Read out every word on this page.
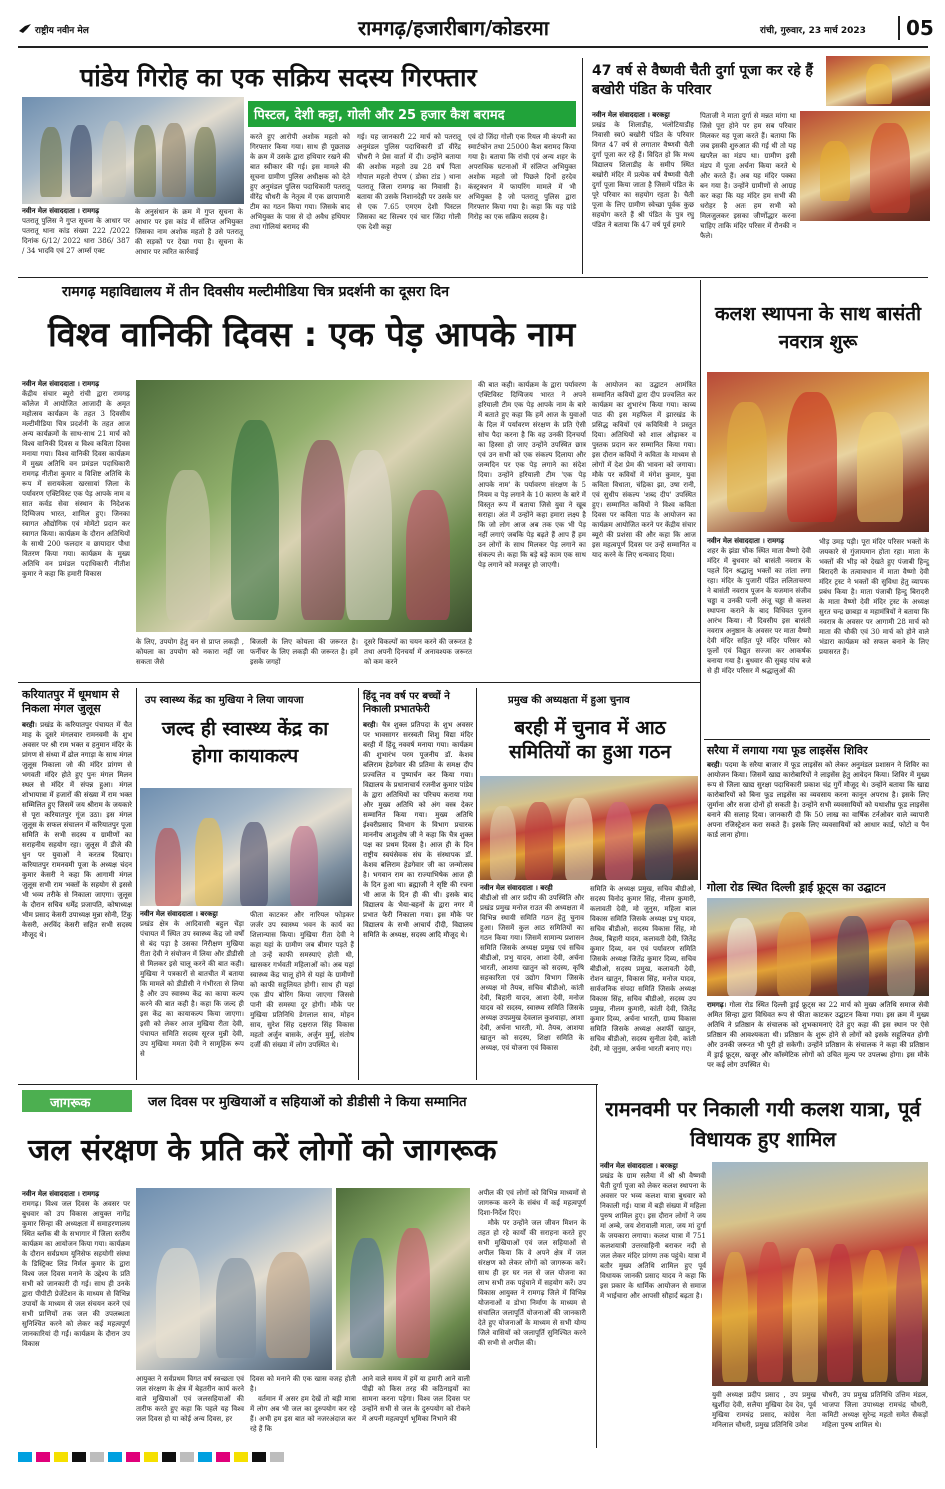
राष्ट्रीय नवीन मेल	रामगढ़/हजारीबाग/कोडरमा	रांची, गुरुवार, 23 मार्च 2023	05
पांडेय गिरोह का एक सक्रिय सदस्य गिरफ्तार
पिस्टल, देशी कट्टा, गोली और 25 हजार कैश बरामद
नवीन मेल संवाददाता । रामगढ़
पतरातू पुलिस ने गुप्त सूचना के आधार पर पतरातू थाना कांड संख्या 222 /2022 दिनांक 6/12/ 2022 धारा 386/ 387 / 34 भादवि एवं 27 आर्म्स एक्ट
के अनुसंधान के क्रम में गुप्त सूचना के आधार पर इस कांड में संलिप्त अभियुक्त जिसका नाम अशोक महतो है उसे पतरातू की सड़कों पर देखा गया है। सूचना के आधार पर त्वरित कार्रवाई
करते हुए आरोपी अशोक महतो को गिरफ्तार किया गया। साथ ही पूछताछ के क्रम में उसके द्वारा हथियार रखने की बात स्वीकार की गई। इस मामले की सूचना ग्रामीण पुलिस अधीक्षक को देते हुए अनुमंडल पुलिस पदाधिकारी पतरातू वीरेंद्र चौधरी के नेतृत्व में एक छापामारी टीम का गठन किया गया। जिसके बाद अभियुक्त के पास से दो अवैध हथियार तथा गोलियां बरामद की
गई। यह जानकारी 22 मार्च को पतरातू अनुमंडल पुलिस पदाधिकारी डॉ वीरेंद्र चौधरी ने प्रेस वार्ता में दी। उन्होंने बताया की अशोक महतो उम्र 28 वर्ष पिता गोपाल महतो रोपण ( डोका टांड ) थाना पतरातू जिला रामगढ़ का निवासी है। बताया की उसके निशानदेही पर उसके घर से एक 7.65 एमएम देशी पिस्टल जिसका बट सिल्वर एवं चार जिंदा गोली एक देशी कट्टा
एवं दो जिंदा गोली एक रियल मी कंपनी का स्मार्टफोन तथा 25000 कैश बरामद किया गया है। बताया कि रांची एवं अन्य शहर के अपराधिक घटनाओं में संलिप्त अभियुक्त अशोक महतो जो पिछले दिनों हरदेव कंस्ट्रक्शन में फायरिंग मामले में भी अभियुक्त है जो पतरातू पुलिस द्वारा गिरफ्तार किया गया है। कहा कि यह पांडे गिरोह का एक सक्रिय सदस्य है।
47 वर्ष से वैष्णवी चैती दुर्गा पूजा कर रहे हैं बखोरी पंडित के परिवार
नवीन मेल संवाददाता । बरकट्ठा
प्रखंड के शिलाडीह, भलोटियाडीह निवासी स्व0 बखोरी पंडित के परिवार विगत 47 वर्ष से लगातार वैष्णवी चैती दुर्गा पूजा कर रहे हैं। विदित हो कि मध्य विद्यालय शिलाडीह के समीप स्थित बखोरी मंदिर में प्रत्येक वर्ष वैष्णवी चैती दुर्गा पूजा किया जाता है जिसमें पंडित के पूरे परिवार का सहयोग रहता है। चैती पूजा के लिए ग्रामीण स्वेच्छा पूर्वक कुछ सहयोग करते हैं श्री पंडित के पुत्र रघु पंडित ने बताया कि 47 वर्ष पूर्व हमारे
पिताजी ने माता दुर्गा से मन्नत मांगा था जिसे पूरा होने पर हम सब परिवार मिलकर यह पूजा करते हैं। बताया कि जब इसकी शुरुआत की गई थी तो यह खपरैल का मंडप था। ग्रामीण इसी मंडप में पूजा अर्चना किया करते थे और करते हैं। अब यह मंदिर पक्का बन गया है। उन्होंने ग्रामीणों से आग्रह कर कहा कि यह मंदिर हम सभी की धरोहर है अतः हम सभी को मिलजुलकर इसका जीर्णोद्धार करना चाहिए ताकि मंदिर परिसर में रौनकी न फैले।
रामगढ़ महाविद्यालय में तीन दिवसीय मल्टीमीडिया चित्र प्रदर्शनी का दूसरा दिन
विश्व वानिकी दिवस : एक पेड़ आपके नाम
नवीन मेल संवाददाता । रामगढ़
केंद्रीय संचार ब्यूरो रांची द्वारा रामगढ़ कॉलेज में आयोजित आजादी के अमृत महोत्सव कार्यक्रम के तहत 3 दिवसीय मल्टीमीडिया चित्र प्रदर्शनी के तहत आज अन्य कार्यक्रमों के साथ-साथ 21 मार्च को विश्व वानिकी दिवस व विश्व कविता दिवस मनाया गया। विश्व वानिकी दिवस कार्यक्रम में मुख्य अतिथि वन प्रमंडल पदाधिकारी रामगढ़ नीतीश कुमार व विशिष्ट अतिथि के रूप में सरायकेला खरसावां जिला के पर्यावरण एक्टिविस्ट एक पेड़ आपके नाम व सात कर्वड सेवा संस्थान के निदेशक दिग्विजय भारत, शामिल हुए। जिनका स्वागत औद्योगिक एवं मोमेंटो प्रदान कर स्वागत किया। कार्यक्रम के दौरान अतिथियों के साथी 200 फलदार व छायादार पौधा वितरण किया गया। कार्यक्रम के मुख्य अतिथि वन प्रमंडल पदाधिकारी नीतीश कुमार ने कहा कि हमारी विकास
के लिए, उपयोग हेतु वन से प्राप्त लकड़ी , कोयला का उपयोग को नकारा नहीं जा सकता जैसे
बिजली के लिए कोयला की जरूरत है। फर्नीचर के लिए लकड़ी की जरूरत है। हमें इसके जगहों
दूसरे विकल्पों का चयन करने की जरूरत है तथा अपनी दिनचर्या में अनावश्यक जरूरत को कम करने
की बात कही। कार्यक्रम के द्वारा पर्यावरण एक्टिविस्ट दिग्विजय भारत ने अपने हरियाली टीम एक पेड़ आपके नाम के बारे में बताते हुए कहा कि हमें आज के युवाओं के दिल में पर्यावरण संरक्षण के प्रति ऐसी सोच पैदा करना है कि वह उनकी दिनचर्या का हिस्सा हो जाए उन्होंने उपस्थित छात्र एवं उन सभी को एक संकल्प दिलाया और जन्मदिन पर एक पेड़ लगाने का संदेश दिया। उन्होंने हरियाली टीम 'एक पेड़ आपके नाम' के पर्यावरण संरक्षण के 5 नियम व पेड़ लगाने के 10 कारण के बारे में विस्तृत रूप में बताया जिसे युवा ने खूब सराहा। अंत में उन्होंने कहा हमारा लक्ष्य है कि जो लोग आज अब तक एक भी पेड़ नहीं लगाएं जबकि पेड़ बढ़ते हैं आप हैं हम उन लोगों के साथ मिलकर पेड़ लगाने का संकल्प ले। कहा कि बड़े बड़े काम एक साथ पेड़ लगाने को मजबूर हो जाएगी।
के आयोजन का उद्घाटन आमंत्रित सम्मानित कवियों द्वारा दीप प्रज्वलित कर कार्यक्रम का शुभारंभ किया गया। काव्य पाठ की इस महफिल में झारखंड के प्रसिद्ध कवियों एवं कवियित्री ने प्रस्तुत दिया। अतिथियों को शाल ओढ़ाकर व पुस्तक प्रदान कर सम्मानित किया गया। इस दौरान कवियों ने कविता के माध्यम से लोगों में देश प्रेम की भावना को जगाया। मौके पर कवियों में मंगेश कुमार, युवा कविता विधाता, चंद्रिका झा, उषा रानी, एवं सुधीप संकल्प 'शब्द दीप' उपस्थित हुए। सम्मानित कवियों ने विश्व कविता दिवस पर कविता पाठ के आयोजन का कार्यक्रम आयोजित करने पर केंद्रीय संचार ब्यूरो की प्रशंसा की और कहा कि आज इस महत्वपूर्ण दिवस पर उन्हें सम्मानित व याद करने के लिए धन्यवाद दिया।
कलश स्थापना के साथ बासंती नवरात्र शुरू
नवीन मेल संवाददाता । रामगढ़
शहर के झंडा चौक स्थित माता वैष्णो देवी मंदिर में बुधवार को बासंती नवरात्र के पहले दिन श्रद्धालु भक्तों का तांता लगा रहा। मंदिर के पुजारी पंडित ललिताचरण ने बासंती नवरात्र पूजन के यजमान संजीव चड्ढा व उनकी पत्नी अंजू चड्ढा से कलश स्थापना कराने के बाद विधिवत पूजन आरंभ किया। नौ दिवसीय इस बासंती नवरात्र अनुष्ठान के अवसर पर माता वैष्णो देवी मंदिर सहित पूरे मंदिर परिसर को फूलों एवं विद्युत सज्जा कर आकर्षक बनाया गया है। बुधवार की सुबह पांच बजे से ही मंदिर परिसर में श्रद्धालुओं की
भीड़ उमड़ पड़ी। पूरा मंदिर परिसर भक्तों के जयकारे से गुंजायमान होता रहा। माता के भक्तों की भीड़ को देखते हुए पंजाबी हिन्दु बिरादरी के तत्वावधान में माता वैष्णो देवी मंदिर ट्रस्ट ने भक्तों की सुविधा हेतु व्यापक प्रबंध किया है। माता पंजाबी हिन्दु बिरादरी के माता वैष्णो देवी मंदिर ट्रस्ट के अध्यक्ष सुरत चन्द्र छाबड़ा व महामंत्रियों ने बताया कि नवरात्र के अवसर पर आगामी 28 मार्च को माता की चौकी एवं 30 मार्च को होने वाले भंडारा कार्यक्रम को सफल बनाने के लिए प्रयासरत हैं।
सरैया में लगाया गया फूड लाइसेंस शिविर
बरही। पदमा के सरैया बाजार में फूड लाइसेंस को लेकर अनुमंडल प्रशासन ने शिविर का आयोजन किया। जिसमें खाद्य कारोबारियों ने लाइसेंस हेतु आवेदन किया। शिविर में मुख्य रूप से जिला खाद्य सुरक्षा पदाधिकारी प्रकाश चंद्र गुर्गे मौजूद थे। उन्होंने बताया कि खाद्य कारोबारियों को बिना फूड लाइसेंस का व्यवसाय करना कानून अपराध है। इसके लिए जुर्माना और सजा दोनों हो सकती है। उन्होंने सभी व्यवसायियों को यथाशीघ्र फूड लाइसेंस बनाने की सलाह दिया। जानकारी दी कि 50 लाख का वार्षिक टर्नओवर वाले व्यापारी अपना रजिस्ट्रेशन करा सकते हैं। इसके लिए व्यवसायियों को आधार कार्ड, फोटो व पैन कार्ड लाना होगा।
गोला रोड स्थित दिल्ली ड्राई फ्रूट्स का उद्घाटन
रामगढ़। गोला रोड स्थित दिल्ली ड्राई फ्रूट्स का 22 मार्च को मुख्य अतिथि समाज सेवी अमित सिन्हा द्वारा विधिवत रूप से फीता काटकर उद्घाटन किया गया। इस क्रम में मुख्य अतिथि ने प्रतिष्ठान के संचालक को शुभकामनाएं देते हुए कहा की इस स्थान पर ऐसे प्रतिष्ठान की आवश्यकता थी। प्रतिष्ठान के शुरू होने से लोगों को इसके सहूलियत होगी और उनकी जरूरत भी पूरी हो सकेगी। उन्होंने प्रतिष्ठान के संचालक ने कहा की प्रतिष्ठान में ड्राई फ्रूट्स, खजूर और कॉस्मेटिक लोगों को उचित मूल्य पर उपलब्ध होगा। इस मौके पर कई लोग उपस्थित थे।
करियातपुर में धूमधाम से निकला मंगल जुलूस
बरही। प्रखंड के करियातपुर पंचायत में चैत माह के दूसरे मंगलवार रामनवमी के शुभ अवसर पर श्री राम भक्त व हनुमान मंदिर के प्रांगण से संध्या में ढोल नगाड़ा के साथ मंगल जुलूस निकाला जो की मंदिर प्रांगण से भगवती मंदिर होते हुए पुनः मंगल मिलन स्थल से मंदिर में संपन्न हुआ। मंगल शोभायात्रा में हजारों की संख्या में राम भक्त सम्मिलित हुए जिसमें जय श्रीराम के जयकारे से पूरा करियातपुर गूंज उठा। इस मंगल जुलूस के सफल संचालन में करियातपुर पूजा समिति के सभी सदस्य व ग्रामीणों का सराहनीय सहयोग रहा। जुलूस में डीजे की धुन पर युवाओं ने करतब दिखाए। करियातपुर रामनवमी पूजा के अध्यक्ष चंदन कुमार केसरी ने कहा कि आगामी मंगल जुलूस सभी राम भक्तों के सहयोग से इससे भी भव्य तरीके से निकाला जाएगा। जुलूस के दौरान सचिव धर्मेंद्र प्रजापति, कोषाध्यक्ष भीम प्रसाद केसरी उपाध्यक्ष मुन्ना सोनी, टिंकु केसरी, अरविंद केसरी सहित सभी सदस्य मौजूद थे।
उप स्वास्थ्य केंद्र का मुखिया ने लिया जायजा
जल्द ही स्वास्थ्य केंद्र का होगा कायाकल्प
नवीन मेल संवाददाता । बरकट्ठा
प्रखंड क्षेत्र के आदिवासी बहुल चेंड़ा पंचायत में स्थित उप स्वास्थ्य केंद्र जो वर्षों से बंद पड़ा है उसका निरीक्षण मुखिया रीता देवी ने संयोजन में लिया और डीडीसी से मिलकर इसे चालू करने की बात कही। मुखिया ने पत्रकारों से बातचीत में बताया कि मामले को डीडीसी ने गंभीरता से लिया है और उप स्वास्थ्य केंद्र का काया कल्प करने की बात कही है। कहा कि जल्द ही इस केंद्र का कायाकल्प किया जाएगा। इसी को लेकर आज मुखिया रीता देवी, पंचायत समिति सदस्य सूरज मुन्नी देवी, उप मुखिया ममता देवी ने सामूहिक रूप से
फीता काटकर और नारियल फोड़कर जर्जर उप स्वास्थ्य भवन के कार्य का शिलान्यास किया। मुखिया रीता देवी ने कहा यहां के ग्रामीण जब बीमार पड़ते हैं तो उन्हें काफी समस्याएं होती थी, खासकर गर्भवती महिलाओं को। अब यहां स्वास्थ्य केंद्र चालू होने से यहां के ग्रामीणों को काफी सहूलियत होगी। साथ ही यहां एक डीप बोरिंग किया जाएगा जिससे पानी की समस्या दूर होगी। मौके पर मुखिया प्रतिनिधि डेगलाल साव, मोहन साव, सुरेश सिंह दक्षराज सिंह विकास महतो अर्जुन बासके, अर्जुन मुर्मू, संतोष दर्जी की संख्या में लोग उपस्थित थे।
हिंदू नव वर्ष पर बच्चों ने निकाली प्रभातफेरी
बरही। चैत्र शुक्ल प्रतिपदा के शुभ अवसर पर भावसागर सरस्वती शिशु विद्या मंदिर बरही में हिंदू नववर्ष मनाया गया। कार्यक्रम की शुभारंभ परम पूजनीय डॉ. केशव बलिराम हेडगेवार की प्रतिमा के समक्ष दीप प्रज्वलित व पुष्पार्चन कर किया गया। विद्यालय के प्रधानाचार्य रजनीश कुमार पांडेय के द्वारा अतिथियों का परिचय कराया गया और मुख्य अतिथि को अंग वस्त्र देकर सम्मानित किया गया। मुख्य अतिथि ईश्वरीप्रसाद विभाग के विभाग प्रचारक माननीय आशुतोष जी ने कहा कि चैत्र शुक्ल पक्ष का प्रथम दिवस है। आज ही के दिन राष्ट्रीय स्वयंसेवक संघ के संस्थापक डॉ. केशव बलिराम हेडगेवार जी का जन्मोत्सव है। भगवान राम का राज्याभिषेक आज ही के दिन हुआ था। ब्रह्माजी ने सृष्टि की रचना भी आज के दिन ही की थी। इसके बाद विद्यालय के भैया-बहनों के द्वारा नगर में प्रभात फेरी निकाला गया। इस मौके पर विद्यालय के सभी आचार्य दीदी, विद्यालय समिति के अध्यक्ष, सदस्य आदि मौजूद थे।
प्रमुख की अध्यक्षता में हुआ चुनाव
बरही में चुनाव में आठ समितियों का हुआ गठन
नवीन मेल संवाददाता । बरही
बीडीओ सी आर प्रदीप की उपस्थिति और प्रखंड प्रमुख मनोज राउत की अध्यक्षता में विभिन्न स्थायी समिति गठन हेतु चुनाव हुआ। जिसमें कुल आठ समितियों का गठन किया गया। जिसमें सामान्य प्रशासन समिति जिसके अध्यक्ष प्रमुख एवं सचिव बीडीओ, प्रभु यादव, आशा देवी, अर्चना भारती, आशया खातुन को सदस्य, कृषि सहकारिता एवं उद्योग विभाग जिसके अध्यक्ष मो तैयब, सचिव बीडीओ, कांती देवी, बिहारी यादव, आशा देवी, मनोज यादव को सदस्य, स्वास्थ्य समिति जिसके अध्यक्ष उपप्रमुख देवलाल कुशवाहा, आशा देवी, अर्चना भारती, मो. तैयब, आशया खातुन को सदस्य, शिक्षा समिति के अध्यक्ष, एवं योजना एवं विकास
समिति के अध्यक्ष प्रमुख, सचिव बीडीओ, सदस्य विनोद कुमार सिंह, नीलम कुमारी, कलावती देवी, मो जुनुस, महिला बाल विकास समिति जिसके अध्यक्ष प्रभु यादव, सचिव बीडीओ, सदस्य विकास सिंह, मो तैयब, बिहारी यादव, कलावती देवी, जितेंद्र कुमार दिव्य, वन एवं पर्यावरण समिति जिसके अध्यक्ष जितेंद्र कुमार दिव्य, सचिव बीडीओ, सदस्य प्रमुख, कलावती देवी, रोशन खातुन, विकास सिंह, मनोज यादव, सार्वजनिक संपदा समिति जिसके अध्यक्ष विकास सिंह, सचिव बीडीओ, सदस्य उप प्रमुख, नीलम कुमारी, कांती देवी, जितेंद्र कुमार दिव्य, अर्चना भारती, ग्राम्य विकास समिति जिसके अध्यक्ष अशर्फी खातुन, सचिव बीडीओ, सदस्य सुनीता देवी, कांती देवी, मो जुनुस, अर्चना भारती बनाए गए।
जागरूक	जल दिवस पर मुखियाओं व सहियाओं को डीडीसी ने किया सम्मानित
जल संरक्षण के प्रति करें लोगों को जागरूक
नवीन मेल संवाददाता । रामगढ़
रामगढ़। विश्व जल दिवस के अवसर पर बुधवार को उप विकास आयुक्त नागेंद्र कुमार सिन्हा की अध्यक्षता में समाहरणालय स्थित ब्लॉक बी के सभागार में जिला स्तरीय कार्यक्रम का आयोजन किया गया। कार्यक्रम के दौरान सर्वप्रथम यूनिसेफ सहयोगी संस्था के डिस्ट्रिक्ट लिड निर्मल कुमार के द्वारा विश्व जल दिवस मनाने के उद्देश्य के प्रति सभी को जानकारी दी गई। साथ ही उनके द्वारा पीपीटी प्रेजेंटेशन के माध्यम से विभिन्न उपायों के माध्यम से जल संचयन करने एवं सभी प्राणियों तक जल की उपलब्धता सुनिश्चित करने को लेकर कई महत्वपूर्ण जानकारियां दी गईं। कार्यक्रम के दौरान उप विकास
आयुक्त ने सर्वप्रथम विगत वर्ष स्वच्छता एवं जल संरक्षण के क्षेत्र में बेहतरीन कार्य करने वाले मुखियाओं एवं जलसहियाओं की तारीफ करते हुए कहा कि पहले यह विश्व जल दिवस हो या कोई अन्य दिवस, हर
दिवस को मनाने की एक खास वजह होती है।
वर्तमान में असर हम देखें तो बड़ी मात्रा में लोग अब भी जल का दुरुपयोग कर रहे हैं। अभी हम इस बात को नजरअंदाज कर रहे हैं कि
आने वाले समय में हमें या हमारी आने वाली पीढ़ी को किस तरह की कठिनाइयों का सामना करना पड़ेगा। विश्व जल दिवस पर उन्होंने सभी से जल के दुरुपयोग को रोकने में अपनी महत्वपूर्ण भूमिका निभाने की
अपील की एवं लोगों को विभिन्न माध्यमों से जागरूक करने के संबंध में कई महत्वपूर्ण दिशा-निर्देश दिए।
मौके पर उन्होंने जल जीवन मिशन के तहत हो रहे कार्यों की सराहना करते हुए सभी मुखियाओं एवं जल सहियाओं से अपील किया कि वे अपने क्षेत्र में जल संरक्षण को लेकर लोगों को जागरूक करें। साथ ही हर घर नल से जल योजना का लाभ सभी तक पहुंचाने में सहयोग करें। उप विकास आयुक्त ने रामगढ़ जिले में विभिन्न योजनाओं व डोभा निर्माण के माध्यम से संचालित जलापूर्ति योजनाओं की जानकारी देते हुए योजनाओं के माध्यम से सभी योग्य जिले वासियों को जलापूर्ति सुनिश्चित करने की सभी से अपील की।
रामनवमी पर निकाली गयी कलश यात्रा, पूर्व विधायक हुए शामिल
नवीन मेल संवाददाता । बरकट्ठा
प्रखंड के ग्राम सलैया में श्री श्री वैष्णवी चैती दुर्गा पूजा को लेकर कलश स्थापना के अवसर पर भव्य कलश यात्रा बुधवार को निकाली गई। यात्रा में बड़ी संख्या में महिला पुरुष शामिल हुए। इस दौरान लोगों ने जय मां अम्बे, जय शेरावाली माता, जय मां दुर्गा के जयकारा लगाया। कलश यात्रा में 751 कलशयात्री उत्तरवाहिनी बराकर नदी से जल लेकर मंदिर प्रांगण तक पहुंचे। यात्रा में बतौर मुख्य अतिथि शामिल हुए पूर्व विधायक जानकी प्रसाद यादव ने कहा कि इस प्रकार के धार्मिक आयोजन से समाज में भाईचारा और आपसी सौहार्द बढ़ता है।
युवी अध्यक्ष प्रदीप प्रसाद , उप प्रमुख खुर्शीदा देवी, सलैया मुखिया देव देव, पूर्व मुखिया रामचंद्र प्रसाद, कांग्रेस नेता मनिलाल चौधरी, प्रमुख प्रतिनिधि उमेश
चौधरी, उप प्रमुख प्रतिनिधि उत्तिम मंडल, भाजपा जिला उपाध्यक्ष रामचंद्र चौधरी, कमिटी अध्यक्ष सुरेन्द्र महतो समेत सैकड़ों महिला पुरुष शामिल थे।
